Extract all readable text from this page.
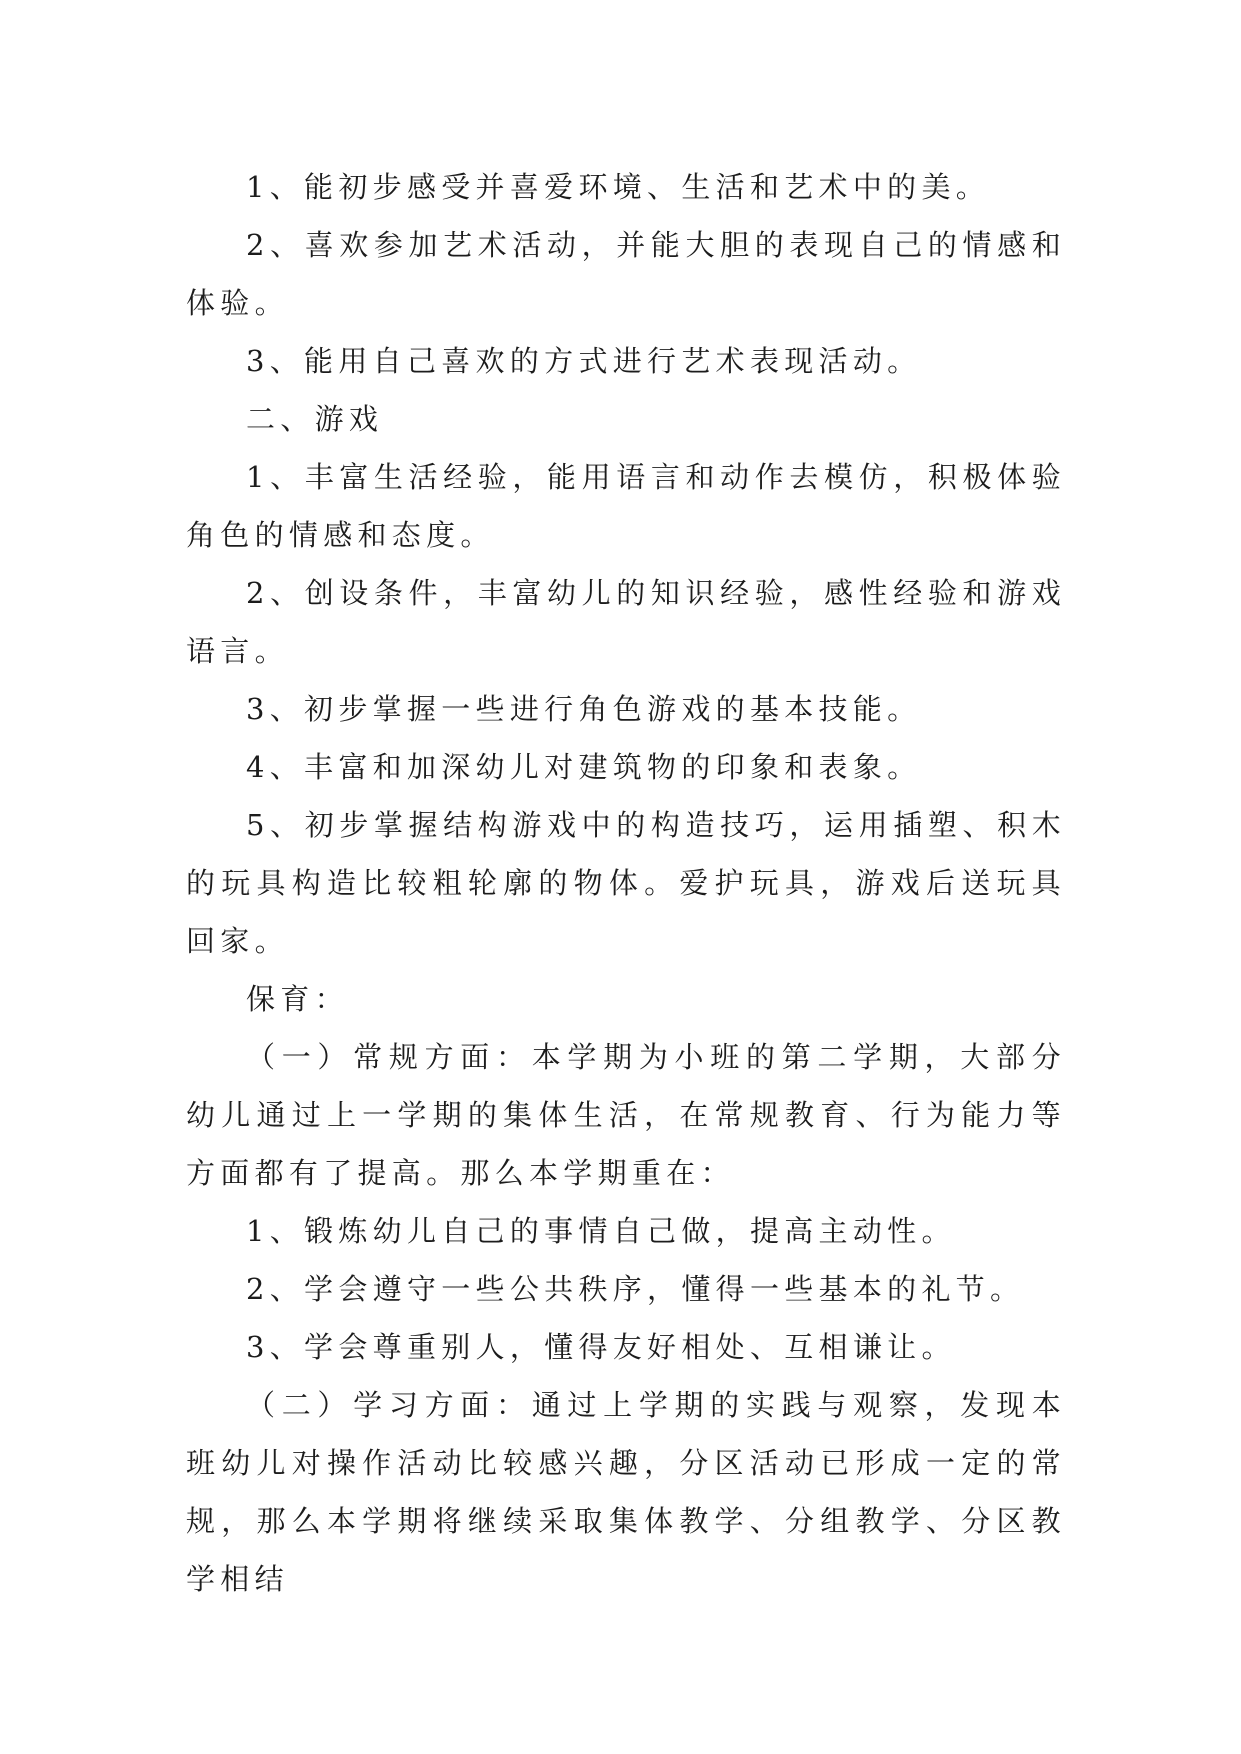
1、能初步感受并喜爱环境、生活和艺术中的美。

2、喜欢参加艺术活动，并能大胆的表现自己的情感和体验。

3、能用自己喜欢的方式进行艺术表现活动。

二、游戏

1、丰富生活经验，能用语言和动作去模仿，积极体验角色的情感和态度。

2、创设条件，丰富幼儿的知识经验，感性经验和游戏语言。

3、初步掌握一些进行角色游戏的基本技能。

4、丰富和加深幼儿对建筑物的印象和表象。

5、初步掌握结构游戏中的构造技巧，运用插塑、积木的玩具构造比较粗轮廓的物体。爱护玩具，游戏后送玩具回家。

保育：

（一）常规方面：本学期为小班的第二学期，大部分幼儿通过上一学期的集体生活，在常规教育、行为能力等方面都有了提高。那么本学期重在：

1、锻炼幼儿自己的事情自己做，提高主动性。

2、学会遵守一些公共秩序，懂得一些基本的礼节。

3、学会尊重别人，懂得友好相处、互相谦让。

（二）学习方面：通过上学期的实践与观察，发现本班幼儿对操作活动比较感兴趣，分区活动已形成一定的常规，那么本学期将继续采取集体教学、分组教学、分区教学相结
